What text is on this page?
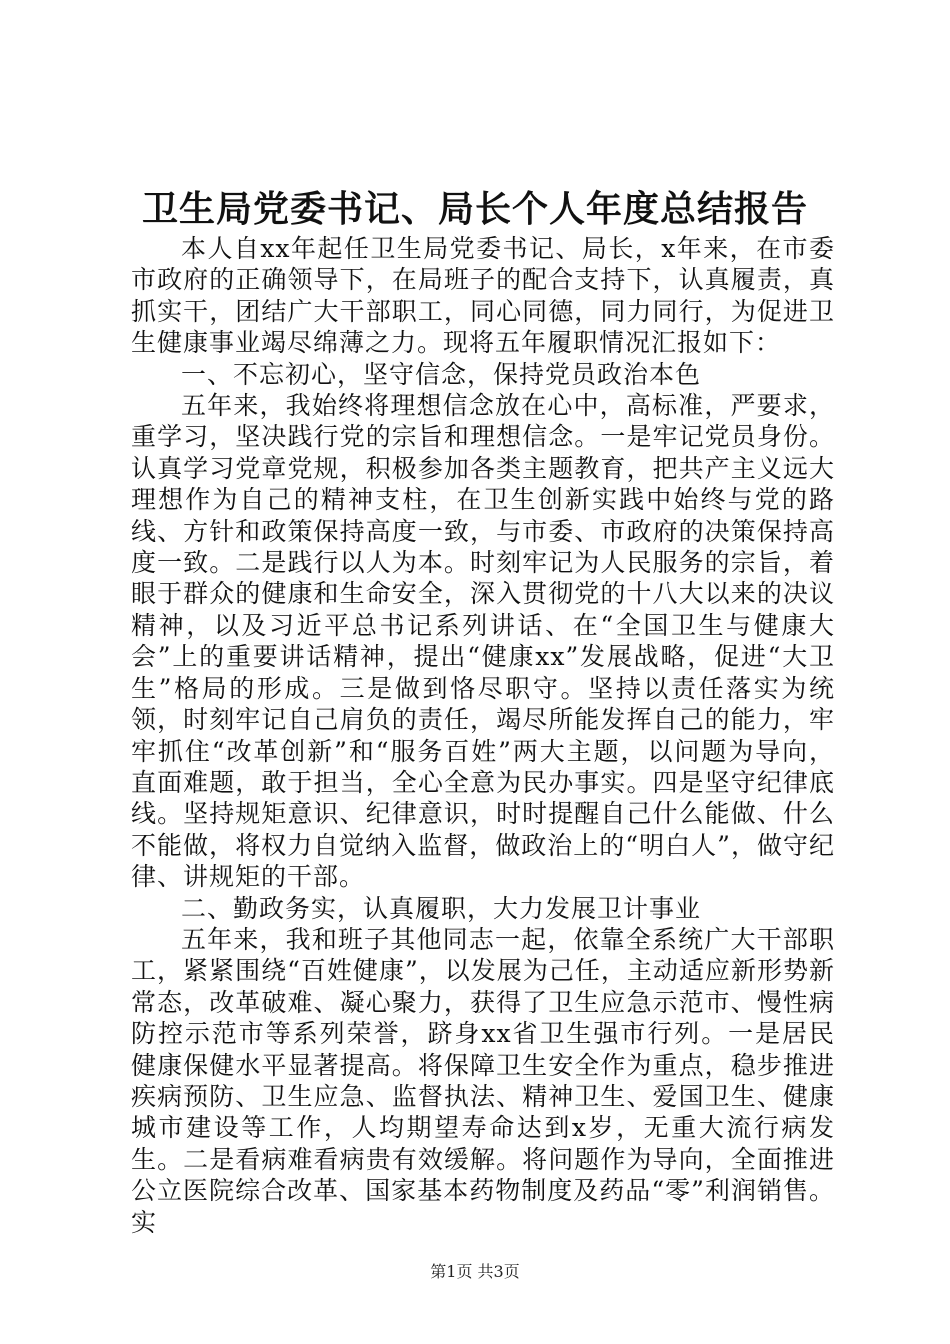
卫生局党委书记、局长个人年度总结报告

本人自xx年起任卫生局党委书记、局长，x年来，在市委市政府的正确领导下，在局班子的配合支持下，认真履责，真抓实干，团结广大干部职工，同心同德，同力同行，为促进卫生健康事业竭尽绵薄之力。现将五年履职情况汇报如下：

一、不忘初心，坚守信念，保持党员政治本色

五年来，我始终将理想信念放在心中，高标准，严要求，重学习，坚决践行党的宗旨和理想信念。一是牢记党员身份。认真学习党章党规，积极参加各类主题教育，把共产主义远大理想作为自己的精神支柱，在卫生创新实践中始终与党的路线、方针和政策保持高度一致，与市委、市政府的决策保持高度一致。二是践行以人为本。时刻牢记为人民服务的宗旨，着眼于群众的健康和生命安全，深入贯彻党的十八大以来的决议精神，以及习近平总书记系列讲话、在“全国卫生与健康大会”上的重要讲话精神，提出“健康xx”发展战略，促进“大卫生”格局的形成。三是做到恪尽职守。坚持以责任落实为统领，时刻牢记自己肩负的责任，竭尽所能发挥自己的能力，牢牢抓住“改革创新”和“服务百姓”两大主题，以问题为导向，直面难题，敢于担当，全心全意为民办事实。四是坚守纪律底线。坚持规矩意识、纪律意识，时时提醒自己什么能做、什么不能做，将权力自觉纳入监督，做政治上的“明白人”，做守纪律、讲规矩的干部。

二、勤政务实，认真履职，大力发展卫计事业

五年来，我和班子其他同志一起，依靠全系统广大干部职工，紧紧围绕“百姓健康”，以发展为己任，主动适应新形势新常态，改革破难、凝心聚力，获得了卫生应急示范市、慢性病防控示范市等系列荣誉，跻身xx省卫生强市行列。一是居民健康保健水平显著提高。将保障卫生安全作为重点，稳步推进疾病预防、卫生应急、监督执法、精神卫生、爱国卫生、健康城市建设等工作，人均期望寿命达到x岁，无重大流行病发生。二是看病难看病贵有效缓解。将问题作为导向，全面推进公立医院综合改革、国家基本药物制度及药品“零”利润销售。实

第1页 共3页
